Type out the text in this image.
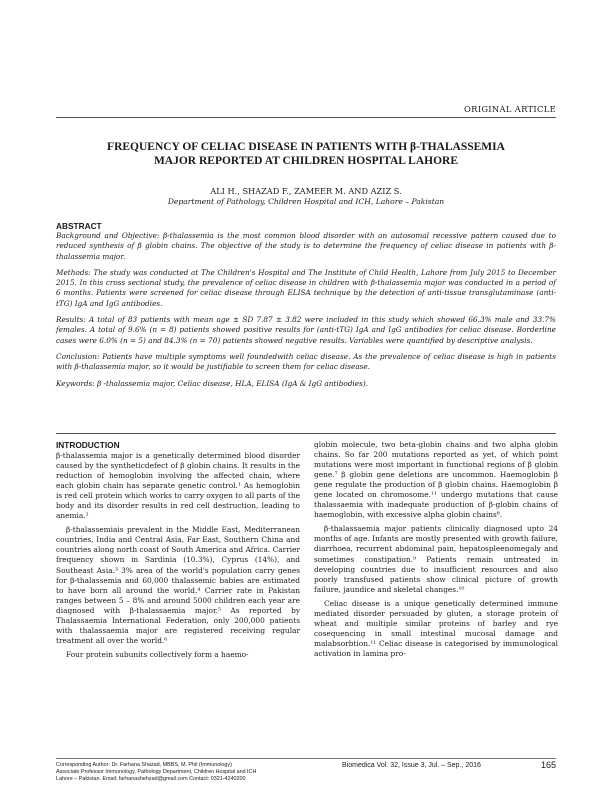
ORIGINAL ARTICLE
FREQUENCY OF CELIAC DISEASE IN PATIENTS WITH β-THALASSEMIA
MAJOR REPORTED AT CHILDREN HOSPITAL LAHORE
ALI H., SHAZAD F., ZAMEER M. AND AZIZ S.
Department of Pathology, Children Hospital and ICH, Lahore – Pakistan
ABSTRACT

Background and Objective: β-thalassemia is the most common blood disorder with an autosomal recessive pattern caused due to reduced synthesis of β globin chains. The objective of the study is to determine the frequency of celiac disease in patients with β-thalassemia major.

Methods: The study was conducted at The Children's Hospital and The Institute of Child Health, Lahore from July 2015 to December 2015. In this cross sectional study, the prevalence of celiac disease in children with β-thalassemia major was conducted in a period of 6 months. Patients were screened for celiac disease through ELISA technique by the detection of anti-tissue transglutaminase (anti-tTG) IgA and IgG antibodies.

Results: A total of 83 patients with mean age ± SD 7.87 ± 3.82 were included in this study which showed 66.3% male and 33.7% females. A total of 9.6% (n = 8) patients showed positive results for (anti-tTG) IgA and IgG antibodies for celiac disease. Borderline cases were 6.0% (n = 5) and 84.3% (n = 70) patients showed negative results. Variables were quantified by descriptive analysis.

Conclusion: Patients have multiple symptoms well foundedwith celiac disease. As the prevalence of celiac disease is high in patients with β-thalassemia major, so it would be justifiable to screen them for celiac disease.

Keywords: β -thalassemia major, Celiac disease, HLA, ELISA (IgA & IgG antibodies).

INTRODUCTION

β-thalassemia major is a genetically determined blood disorder caused by the syntheticdefect of β globin chains. It results in the reduction of hemoglobin involving the affected chain, where each globin chain has separate genetic control.¹ As hemoglobin is red cell protein which works to carry oxygen to all parts of the body and its disorder results in red cell destruction, leading to anemia.²

β-thalassemiais prevalent in the Middle East, Mediterranean countries, India and Central Asia, Far East, Southern China and countries along north coast of South America and Africa. Carrier frequency shown in Sardinia (10.3%), Cyprus (14%), and Southeast Asia.³ 3% area of the world's population carry genes for β-thalassemia and 60,000 thalassemic babies are estimated to have born all around the world.⁴ Carrier rate in Pakistan ranges between 5 – 8% and around 5000 children each year are diagnosed with β-thalassaemia major.⁵ As reported by Thalassaemia International Federation, only 200,000 patients with thalassaemia major are registered receiving regular treatment all over the world.⁶

Four protein subunits collectively form a haemo-

globin molecule, two beta-globin chains and two alpha globin chains. So far 200 mutations reported as yet, of which point mutations were most important in functional regions of β globin gene.⁷ β globin gene deletions are uncommon. Haemoglobin β gene regulate the production of β globin chains. Haemoglobin β gene located on chromosome.¹¹ undergo mutations that cause thalassaemia with inadequate production of β-globin chains of haemoglobin, with excessive alpha globin chains⁸.

β-thalassaemia major patients clinically diagnosed upto 24 months of age. Infants are mostly presented with growth failure, diarrhoea, recurrent abdominal pain, hepatospleenomegaly and sometimes constipation.⁹ Patients remain untreated in developing countries due to insufficient resources and also poorly transfused patients show clinical picture of growth failure, jaundice and skeletal changes.¹⁰

Celiac disease is a unique genetically determined immune mediated disorder persuaded by gluten, a storage protein of wheat and multiple similar proteins of barley and rye cosequencing in small intestinal mucosal damage and malabsorbtion.¹¹ Celiac disease is categorised by immunological activation in lamina pro-

Corresponding Author: Dr. Farhana Shazad, MBBS, M. Phil (Immunology)
Associate Professor Immunology, Pathology Department, Children Hospital and ICH
Lahore – Pakistan. Email: farhanashehzad@gmail.com Contact: 0321-4240200
Biomedica Vol. 32, Issue 3, Jul. – Sep., 2016	165
